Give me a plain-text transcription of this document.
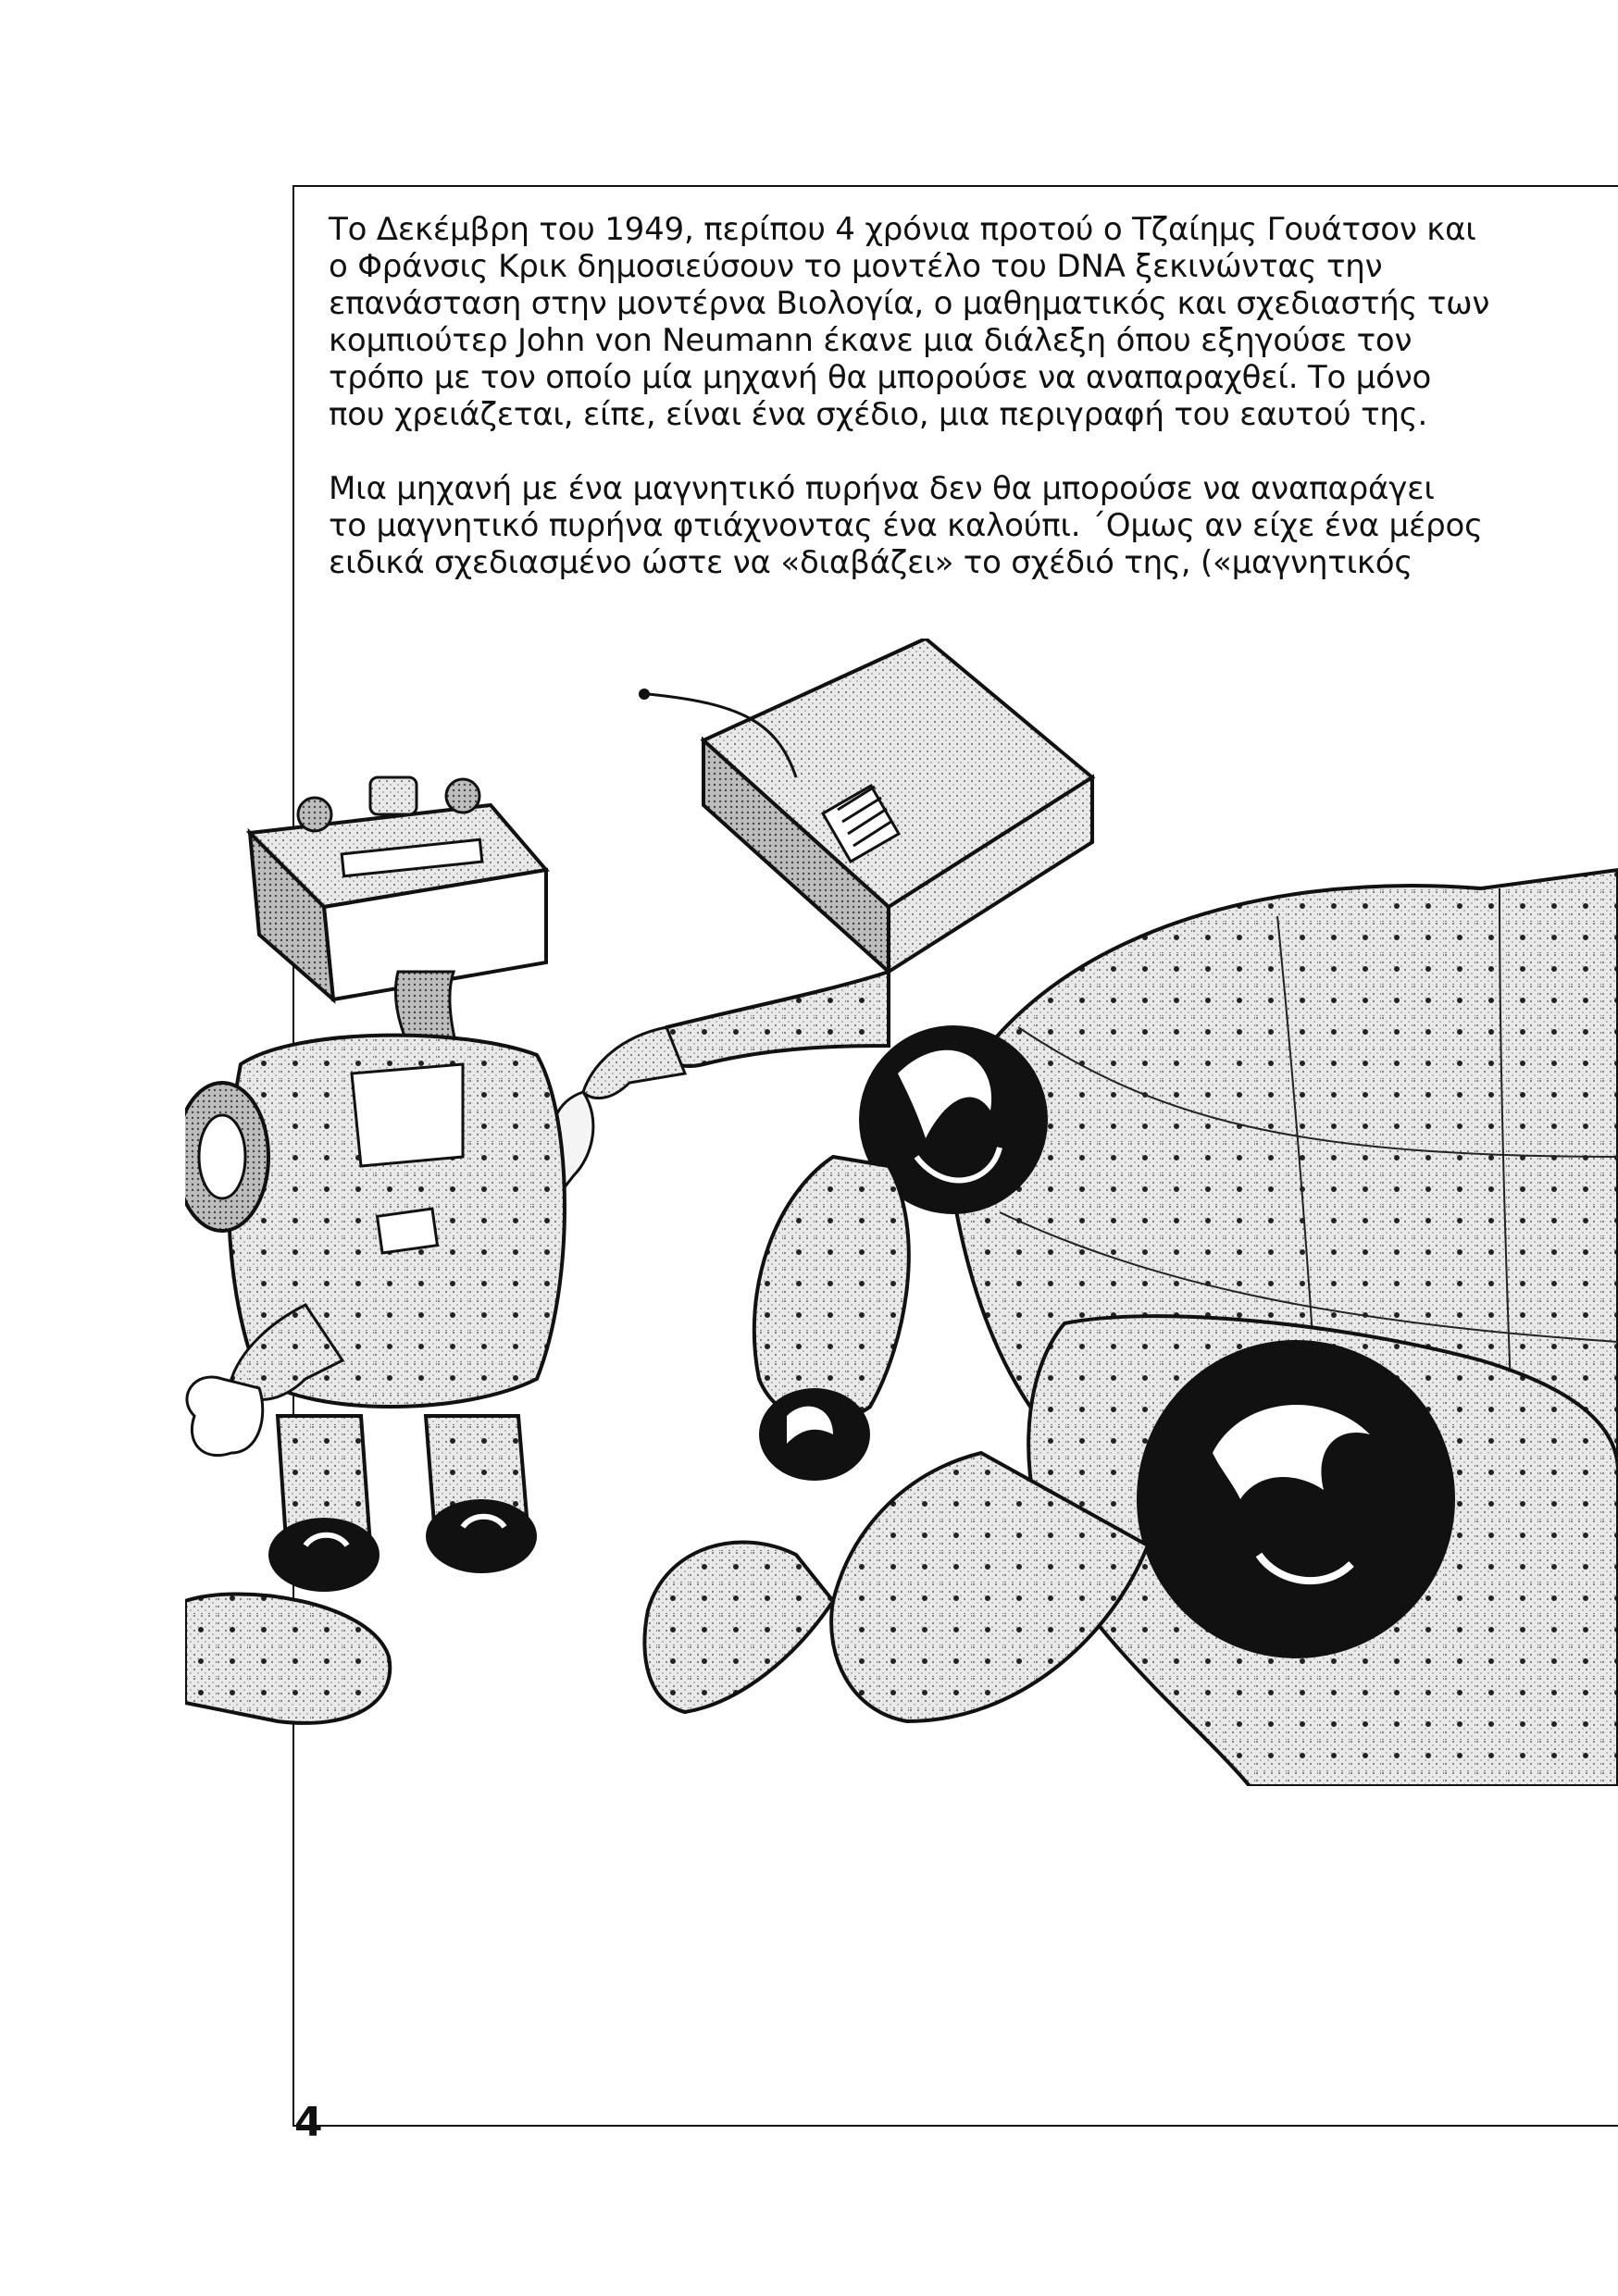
Το Δεκέμβρη του 1949, περίπου 4 χρόνια προτού ο Τζαίημς Γουάτσον και
ο Φράνσις Κρικ δημοσιεύσουν το μοντέλο του DNA ξεκινώντας την
επανάσταση στην μοντέρνα Βιολογία, ο μαθηματικός και σχεδιαστής των
κομπιούτερ John von Neumann έκανε μια διάλεξη όπου εξηγούσε τον
τρόπο με τον οποίο μία μηχανή θα μπορούσε να αναπαραχθεί. Το μόνο
που χρειάζεται, είπε, είναι ένα σχέδιο, μια περιγραφή του εαυτού της.

Μια μηχανή με ένα μαγνητικό πυρήνα δεν θα μπορούσε να αναπαράγει
το μαγνητικό πυρήνα φτιάχνοντας ένα καλούπι. ΄Ομως αν είχε ένα μέρος
ειδικά σχεδιασμένο ώστε να «διαβάζει» το σχέδιό της, («μαγνητικός

4
